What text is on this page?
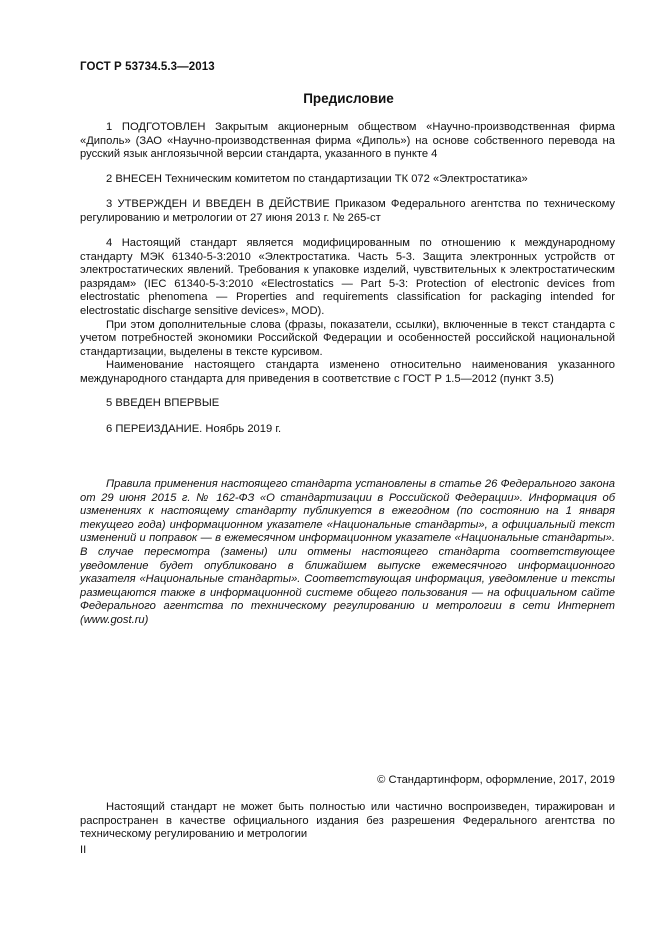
ГОСТ Р 53734.5.3—2013
Предисловие

1 ПОДГОТОВЛЕН Закрытым акционерным обществом «Научно-производственная фирма «Диполь» (ЗАО «Научно-производственная фирма «Диполь») на основе собственного перевода на русский язык англоязычной версии стандарта, указанного в пункте 4

2 ВНЕСЕН Техническим комитетом по стандартизации ТК 072 «Электростатика»

3 УТВЕРЖДЕН И ВВЕДЕН В ДЕЙСТВИЕ Приказом Федерального агентства по техническому регулированию и метрологии от 27 июня 2013 г. № 265-ст

4 Настоящий стандарт является модифицированным по отношению к международному стандарту МЭК 61340-5-3:2010 «Электростатика. Часть 5-3. Защита электронных устройств от электростатических явлений. Требования к упаковке изделий, чувствительных к электростатическим разрядам» (IEC 61340-5-3:2010 «Electrostatics — Part 5-3: Protection of electronic devices from electrostatic phenomena — Properties and requirements classification for packaging intended for electrostatic discharge sensitive devices», MOD).

При этом дополнительные слова (фразы, показатели, ссылки), включенные в текст стандарта с учетом потребностей экономики Российской Федерации и особенностей российской национальной стандартизации, выделены в тексте курсивом.

Наименование настоящего стандарта изменено относительно наименования указанного международного стандарта для приведения в соответствие с ГОСТ Р 1.5—2012 (пункт 3.5)

5 ВВЕДЕН ВПЕРВЫЕ

6 ПЕРЕИЗДАНИЕ. Ноябрь 2019 г.

Правила применения настоящего стандарта установлены в статье 26 Федерального закона от 29 июня 2015 г. № 162-ФЗ «О стандартизации в Российской Федерации». Информация об изменениях к настоящему стандарту публикуется в ежегодном (по состоянию на 1 января текущего года) информационном указателе «Национальные стандарты», а официальный текст изменений и поправок — в ежемесячном информационном указателе «Национальные стандарты». В случае пересмотра (замены) или отмены настоящего стандарта соответствующее уведомление будет опубликовано в ближайшем выпуске ежемесячного информационного указателя «Национальные стандарты». Соответствующая информация, уведомление и тексты размещаются также в информационной системе общего пользования — на официальном сайте Федерального агентства по техническому регулированию и метрологии в сети Интернет (www.gost.ru)

© Стандартинформ, оформление, 2017, 2019

Настоящий стандарт не может быть полностью или частично воспроизведен, тиражирован и распространен в качестве официального издания без разрешения Федерального агентства по техническому регулированию и метрологии

II
